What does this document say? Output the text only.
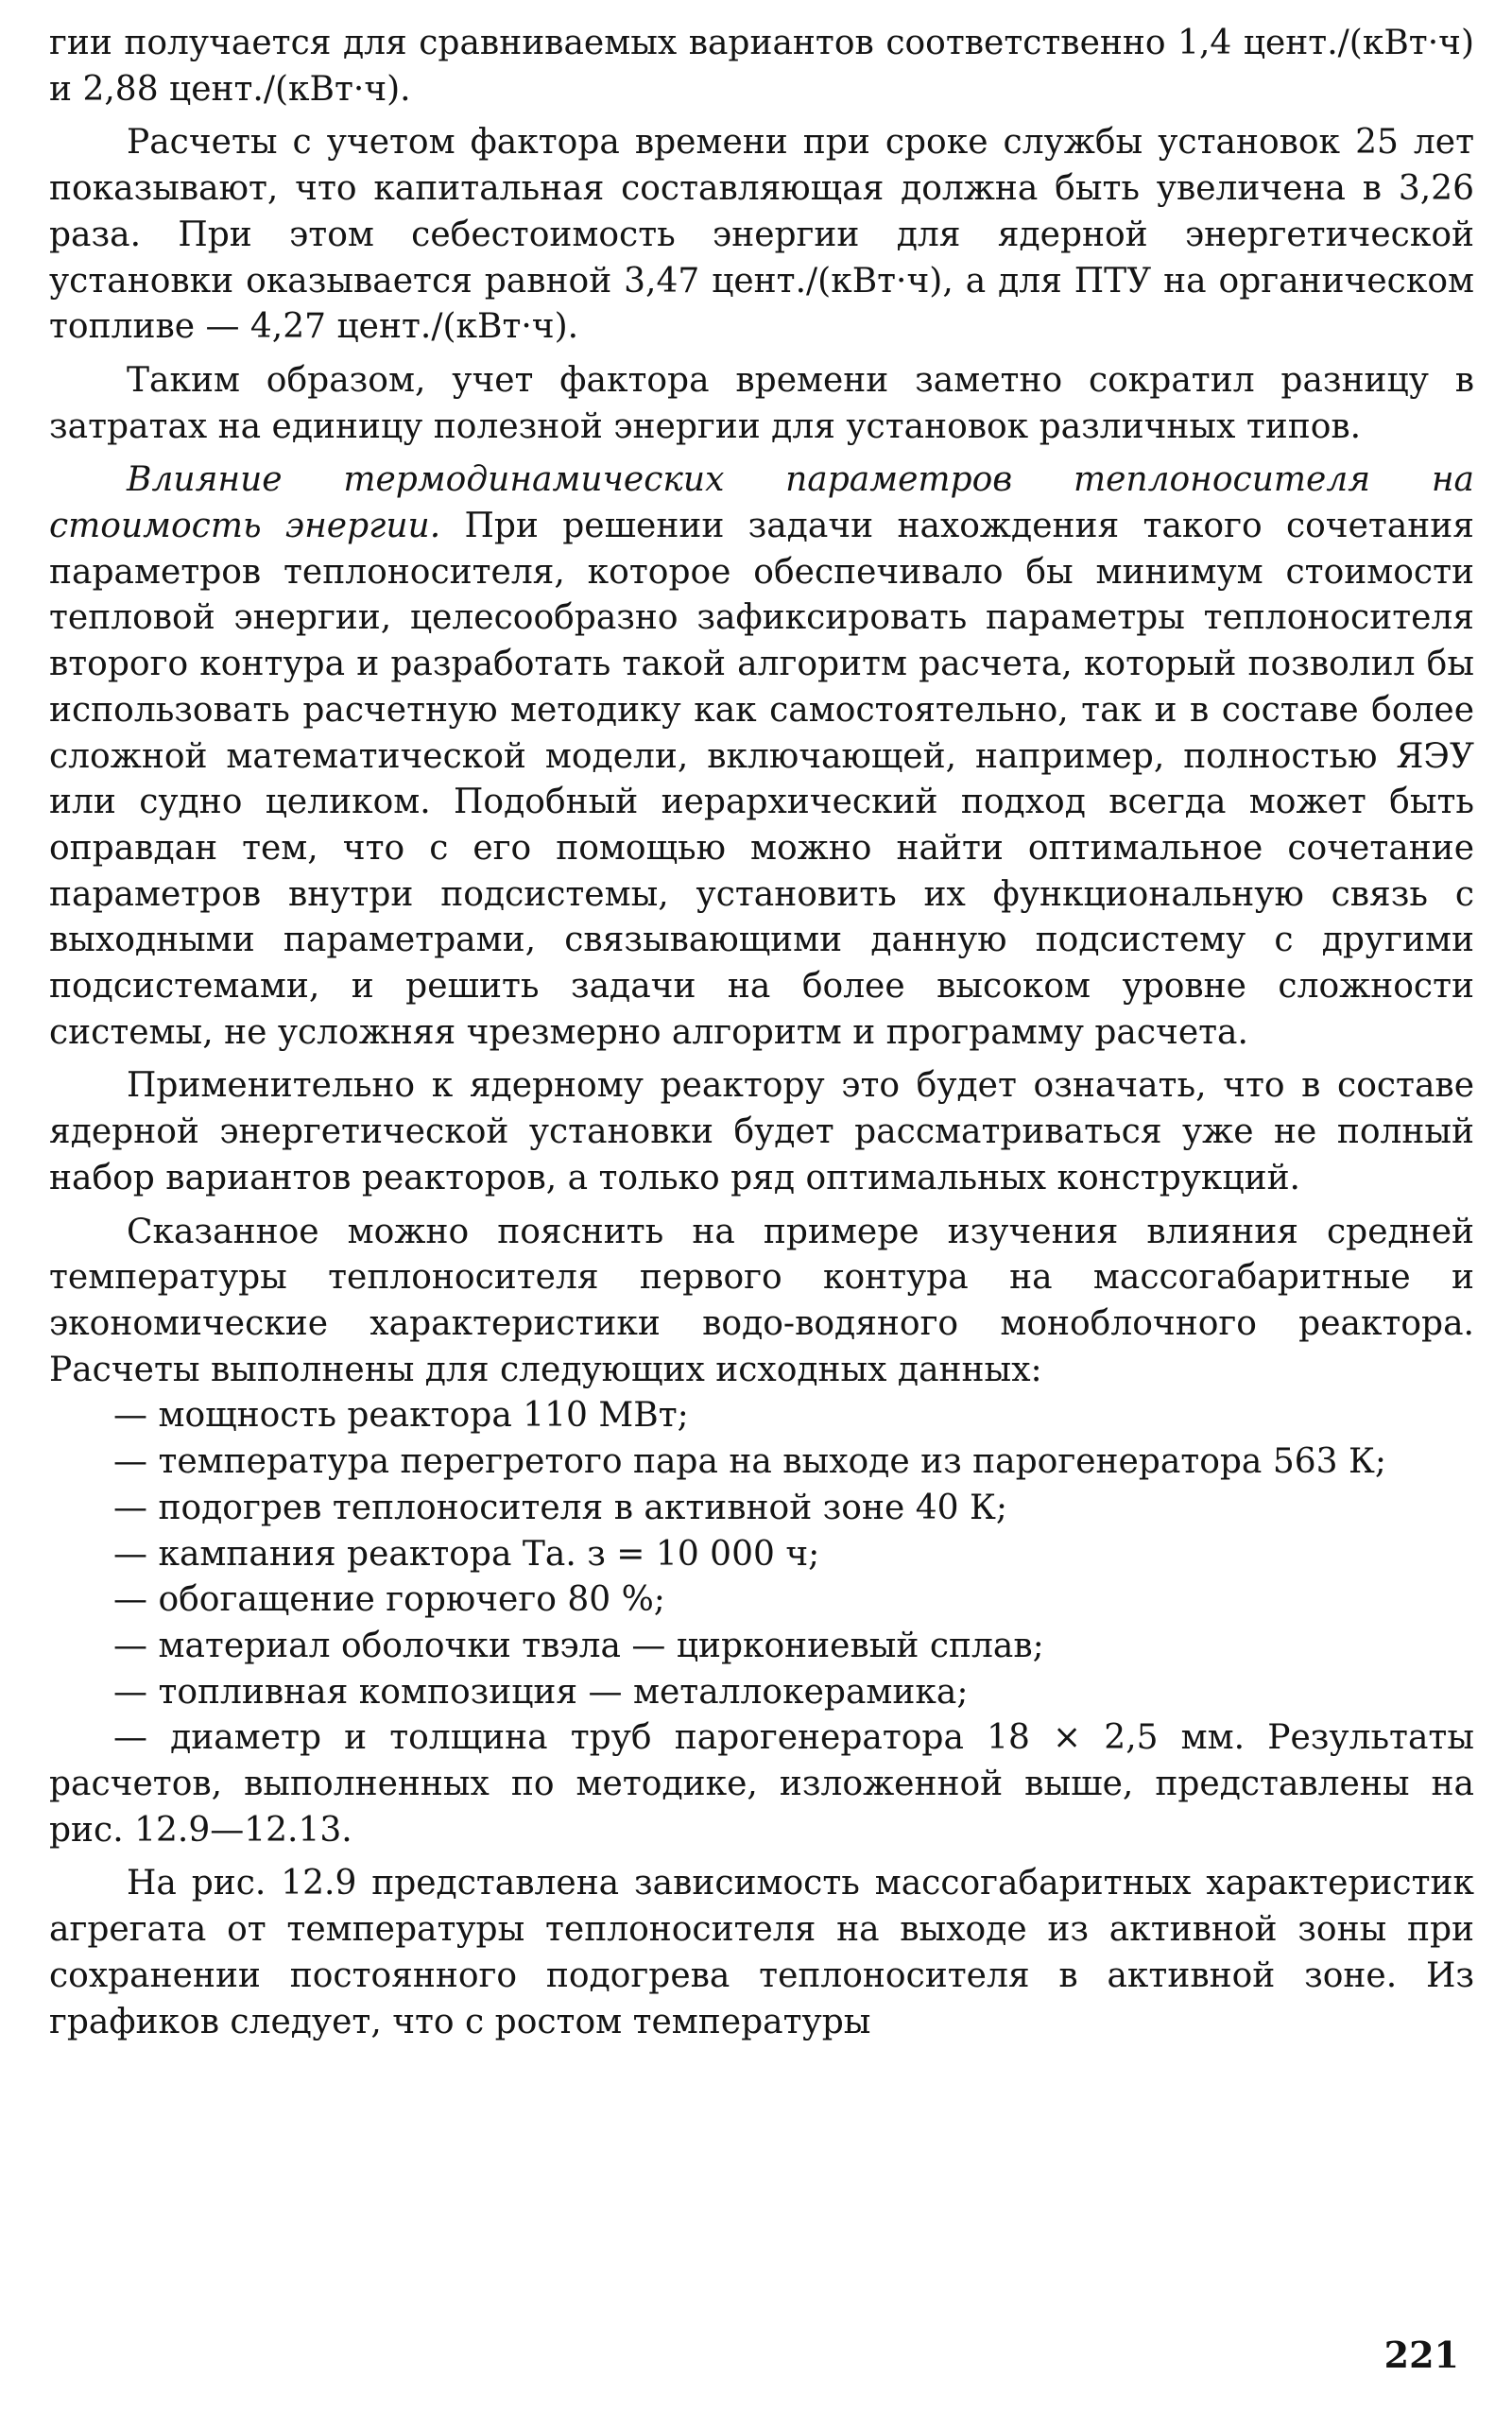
гии получается для сравниваемых вариантов соответственно 1,4 цент./(кВт·ч) и 2,88 цент./(кВт·ч).

Расчеты с учетом фактора времени при сроке службы установок 25 лет показывают, что капитальная составляющая должна быть увеличена в 3,26 раза. При этом себестоимость энергии для ядерной энергетической установки оказывается равной 3,47 цент./(кВт·ч), а для ПТУ на органическом топливе — 4,27 цент./(кВт·ч).

Таким образом, учет фактора времени заметно сократил разницу в затратах на единицу полезной энергии для установок различных типов.

Влияние термодинамических параметров теплоносителя на стоимость энергии. При решении задачи нахождения такого сочетания параметров теплоносителя, которое обеспечивало бы минимум стоимости тепловой энергии, целесообразно зафиксировать параметры теплоносителя второго контура и разработать такой алгоритм расчета, который позволил бы использовать расчетную методику как самостоятельно, так и в составе более сложной математической модели, включающей, например, полностью ЯЭУ или судно целиком. Подобный иерархический подход всегда может быть оправдан тем, что с его помощью можно найти оптимальное сочетание параметров внутри подсистемы, установить их функциональную связь с выходными параметрами, связывающими данную подсистему с другими подсистемами, и решить задачи на более высоком уровне сложности системы, не усложняя чрезмерно алгоритм и программу расчета.

Применительно к ядерному реактору это будет означать, что в составе ядерной энергетической установки будет рассматриваться уже не полный набор вариантов реакторов, а только ряд оптимальных конструкций.

Сказанное можно пояснить на примере изучения влияния средней температуры теплоносителя первого контура на массогабаритные и экономические характеристики водо-водяного моноблочного реактора. Расчеты выполнены для следующих исходных данных:

— мощность реактора 110 МВт;
— температура перегретого пара на выходе из парогенератора 563 К;
— подогрев теплоносителя в активной зоне 40 К;
— кампания реактора Tа. з = 10 000 ч;
— обогащение горючего 80 %;
— материал оболочки твэла — циркониевый сплав;
— топливная композиция — металлокерамика;
— диаметр и толщина труб парогенератора 18 × 2,5 мм. Результаты расчетов, выполненных по методике, изложенной выше, представлены на рис. 12.9—12.13.

На рис. 12.9 представлена зависимость массогабаритных характеристик агрегата от температуры теплоносителя на выходе из активной зоны при сохранении постоянного подогрева теплоносителя в активной зоне. Из графиков следует, что с ростом температуры

221
